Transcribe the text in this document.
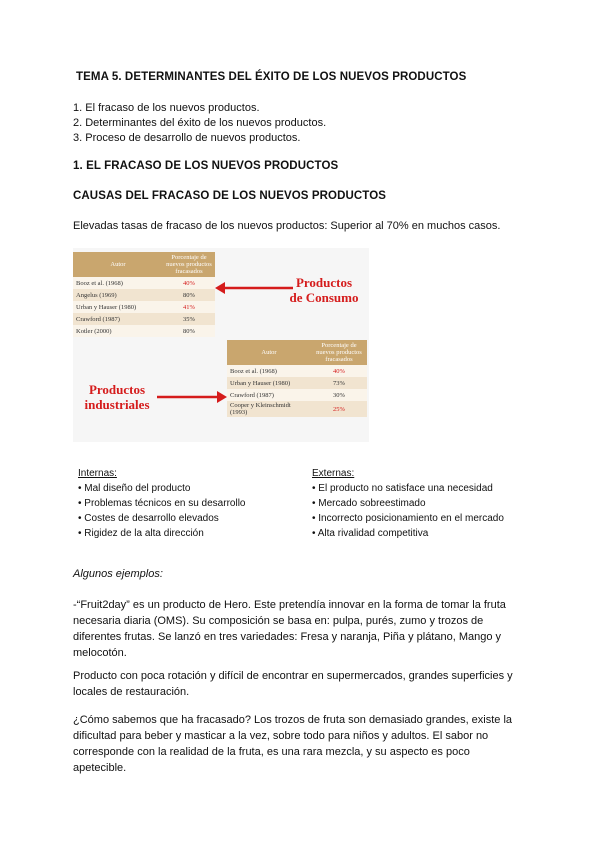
TEMA 5. DETERMINANTES DEL ÉXITO DE LOS NUEVOS PRODUCTOS
1. El fracaso de los nuevos productos.
2. Determinantes del éxito de los nuevos productos.
3. Proceso de desarrollo de nuevos productos.
1. EL FRACASO DE LOS NUEVOS PRODUCTOS
CAUSAS DEL FRACASO DE LOS NUEVOS PRODUCTOS
Elevadas tasas de fracaso de los nuevos productos: Superior al 70% en muchos casos.
Autor	Porcentaje de nuevos productos fracasados
Booz et al. (1968)	40%
Angelus (1969)	80%
Urban y Hauser (1980)	41%
Crawford (1987)	35%
Kotler (2000)	80%
Productos
de Consumo
Productos
industriales
Autor	Porcentaje de nuevos productos fracasados
Booz et al. (1968)	40%
Urban y Hauser (1980)	73%
Crawford (1987)	30%
Cooper y Kleinschmidt (1993)	25%
Internas:
• Mal diseño del producto
• Problemas técnicos en su desarrollo
• Costes de desarrollo elevados
• Rigidez de la alta dirección
Externas:
• El producto no satisface una necesidad
• Mercado sobreestimado
• Incorrecto posicionamiento en el mercado
• Alta rivalidad competitiva
Algunos ejemplos:
-“Fruit2day” es un producto de Hero. Este pretendía innovar en la forma de tomar la fruta necesaria diaria (OMS). Su composición se basa en: pulpa, purés, zumo y trozos de diferentes frutas. Se lanzó en tres variedades: Fresa y naranja, Piña y plátano, Mango y melocotón.
Producto con poca rotación y difícil de encontrar en supermercados, grandes superficies y locales de restauración.
¿Cómo sabemos que ha fracasado? Los trozos de fruta son demasiado grandes, existe la dificultad para beber y masticar a la vez, sobre todo para niños y adultos. El sabor no corresponde con la realidad de la fruta, es una rara mezcla, y su aspecto es poco apetecible.
